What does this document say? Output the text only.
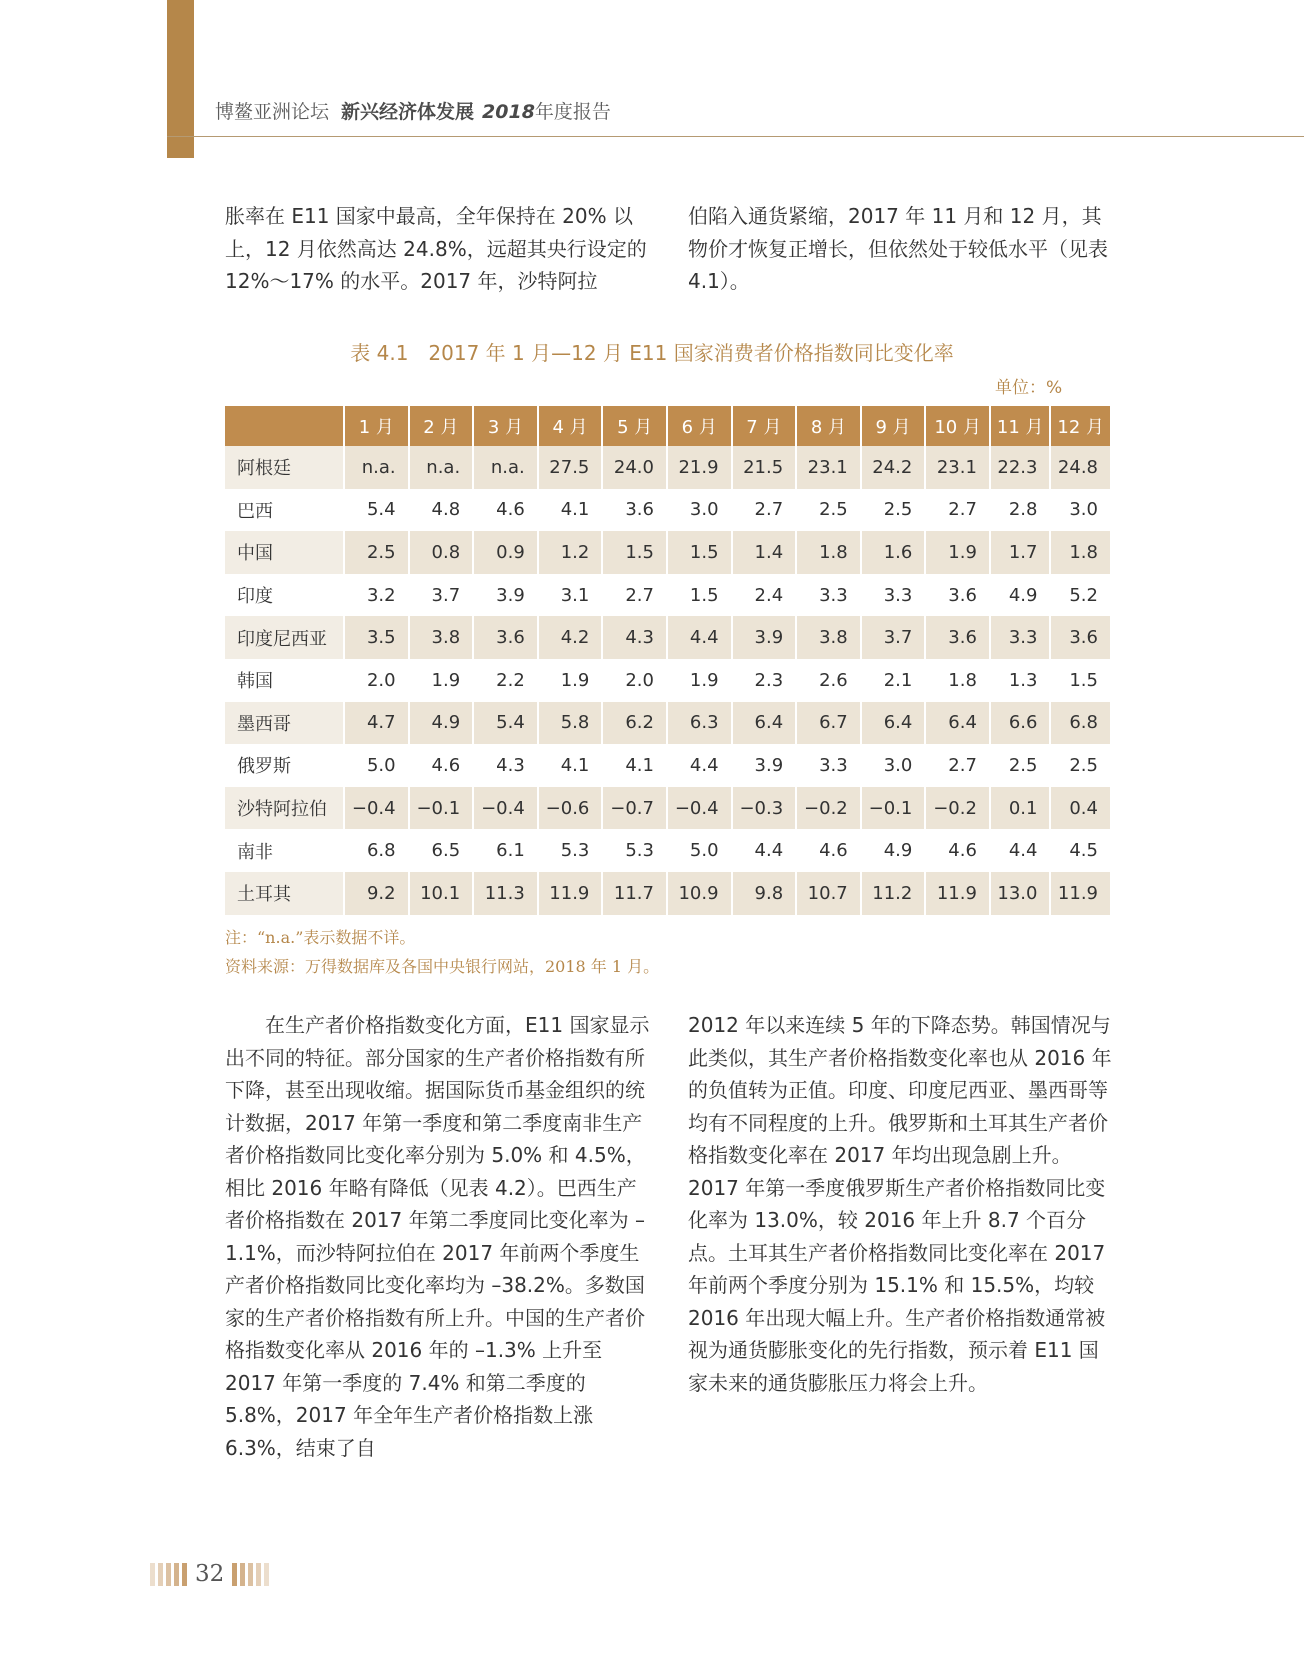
博鳌亚洲论坛 新兴经济体发展 2018年度报告
胀率在 E11 国家中最高，全年保持在 20% 以上，12 月依然高达 24.8%，远超其央行设定的 12%～17% 的水平。2017 年，沙特阿拉
伯陷入通货紧缩，2017 年 11 月和 12 月，其物价才恢复正增长，但依然处于较低水平（见表 4.1）。
表 4.1　2017 年 1 月—12 月 E11 国家消费者价格指数同比变化率
单位：%
	1 月	2 月	3 月	4 月	5 月	6 月	7 月	8 月	9 月	10 月	11 月	12 月
阿根廷	n.a.	n.a.	n.a.	27.5	24.0	21.9	21.5	23.1	24.2	23.1	22.3	24.8
巴西	5.4	4.8	4.6	4.1	3.6	3.0	2.7	2.5	2.5	2.7	2.8	3.0
中国	2.5	0.8	0.9	1.2	1.5	1.5	1.4	1.8	1.6	1.9	1.7	1.8
印度	3.2	3.7	3.9	3.1	2.7	1.5	2.4	3.3	3.3	3.6	4.9	5.2
印度尼西亚	3.5	3.8	3.6	4.2	4.3	4.4	3.9	3.8	3.7	3.6	3.3	3.6
韩国	2.0	1.9	2.2	1.9	2.0	1.9	2.3	2.6	2.1	1.8	1.3	1.5
墨西哥	4.7	4.9	5.4	5.8	6.2	6.3	6.4	6.7	6.4	6.4	6.6	6.8
俄罗斯	5.0	4.6	4.3	4.1	4.1	4.4	3.9	3.3	3.0	2.7	2.5	2.5
沙特阿拉伯	−0.4	−0.1	−0.4	−0.6	−0.7	−0.4	−0.3	−0.2	−0.1	−0.2	0.1	0.4
南非	6.8	6.5	6.1	5.3	5.3	5.0	4.4	4.6	4.9	4.6	4.4	4.5
土耳其	9.2	10.1	11.3	11.9	11.7	10.9	9.8	10.7	11.2	11.9	13.0	11.9
注：“n.a.”表示数据不详。
资料来源：万得数据库及各国中央银行网站，2018 年 1 月。
　　在生产者价格指数变化方面，E11 国家显示出不同的特征。部分国家的生产者价格指数有所下降，甚至出现收缩。据国际货币基金组织的统计数据，2017 年第一季度和第二季度南非生产者价格指数同比变化率分别为 5.0% 和 4.5%，相比 2016 年略有降低（见表 4.2）。巴西生产者价格指数在 2017 年第二季度同比变化率为 –1.1%，而沙特阿拉伯在 2017 年前两个季度生产者价格指数同比变化率均为 –38.2%。多数国家的生产者价格指数有所上升。中国的生产者价格指数变化率从 2016 年的 –1.3% 上升至 2017 年第一季度的 7.4% 和第二季度的 5.8%，2017 年全年生产者价格指数上涨 6.3%，结束了自
2012 年以来连续 5 年的下降态势。韩国情况与此类似，其生产者价格指数变化率也从 2016 年的负值转为正值。印度、印度尼西亚、墨西哥等均有不同程度的上升。俄罗斯和土耳其生产者价格指数变化率在 2017 年均出现急剧上升。2017 年第一季度俄罗斯生产者价格指数同比变化率为 13.0%，较 2016 年上升 8.7 个百分点。土耳其生产者价格指数同比变化率在 2017 年前两个季度分别为 15.1% 和 15.5%，均较 2016 年出现大幅上升。生产者价格指数通常被视为通货膨胀变化的先行指数，预示着 E11 国家未来的通货膨胀压力将会上升。
32
